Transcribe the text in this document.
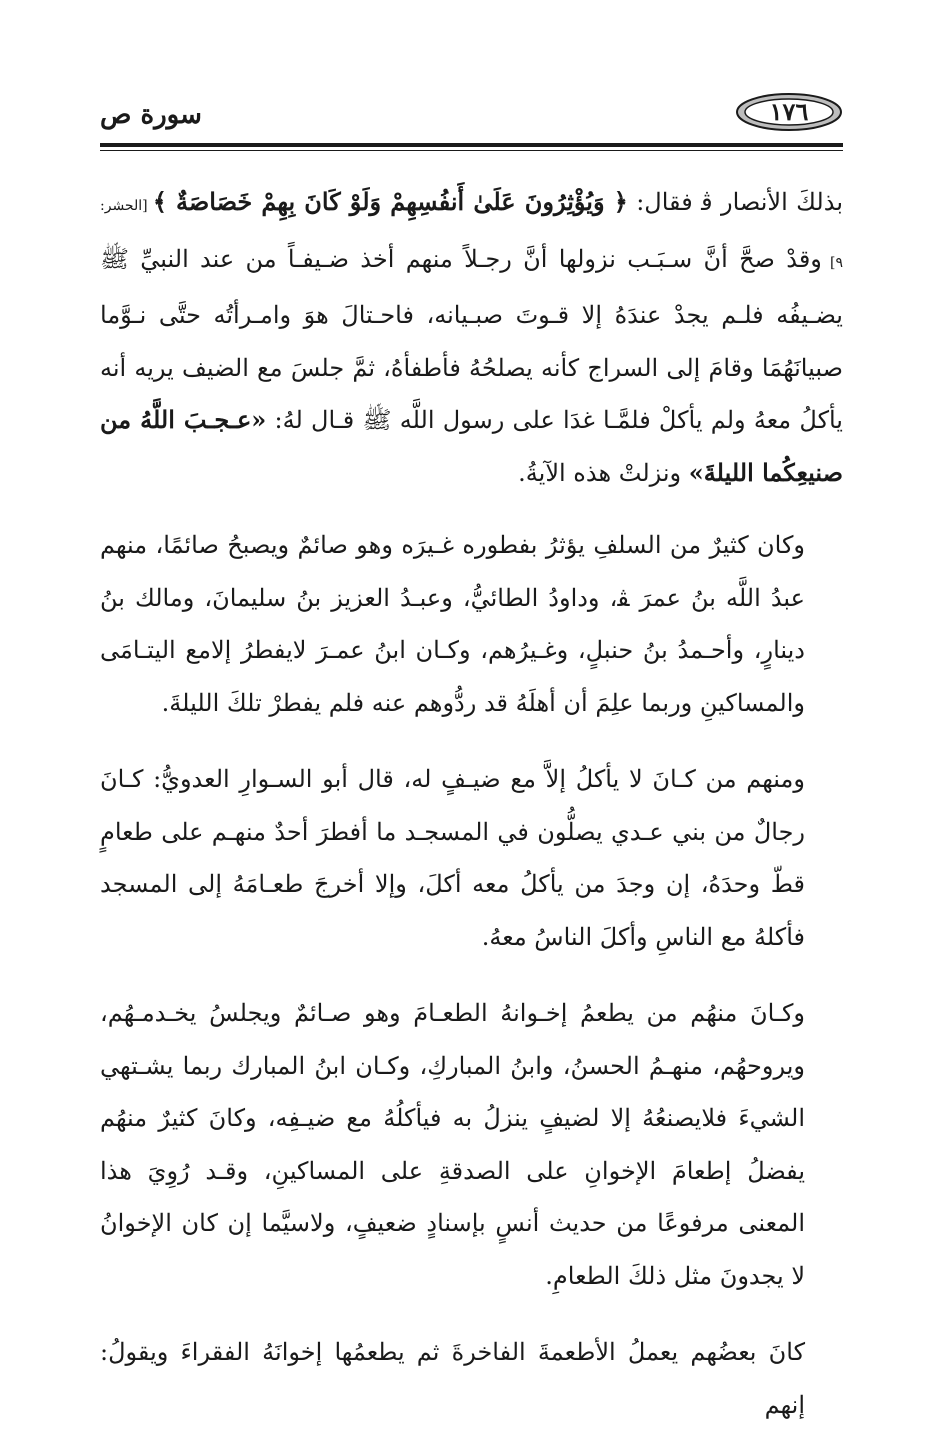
سورة ص	١٧٦

بذلكَ الأنصار ﭬ فقال: ﴿ وَيُؤْثِرُونَ عَلَىٰ أَنفُسِهِمْ وَلَوْ كَانَ بِهِمْ خَصَاصَةٌ ﴾ [الحشر: ٩] وقدْ صحَّ أنَّ سـبَـب نزولها أنَّ رجـلاً منهم أخذ ضـيفـاً من عند النبيِّ ﷺ يضـيفُه فلـم يجدْ عندَهُ إلا قـوتَ صبـيانه، فاحـتالَ هوَ وامـرأتُه حتَّى نـوَّما صبيانَهُمَا وقامَ إلى السراج كأنه يصلحُهُ فأطفأهُ، ثمَّ جلسَ مع الضيف يريه أنه يأكلُ معهُ ولم يأكلْ فلمَّـا غدَا على رسول اللَّه ﷺ قـال لهُ: «عـجـبَ اللَّهُ من صنيعِكُما الليلةَ» ونزلتْ هذه الآيةُ.

وكان كثيرٌ من السلفِ يؤثرُ بفطوره غـيرَه وهو صائمٌ ويصبحُ صائمًا، منهم عبدُ اللَّه بنُ عمرَ ﭭ، وداودُ الطائيُّ، وعبـدُ العزيز بنُ سليمانَ، ومالك بنُ دينارٍ، وأحـمدُ بنُ حنبلٍ، وغـيرُهم، وكـان ابنُ عمـرَ لايفطرُ إلامع اليتـامَى والمساكينِ وربما علِمَ أن أهلَهُ قد ردُّوهم عنه فلم يفطرْ تلكَ الليلةَ.

ومنهم من كـانَ لا يأكلُ إلاَّ مع ضيـفٍ له، قال أبو السـوارِ العدويُّ: كـانَ رجالٌ من بني عـدي يصلُّون في المسجـد ما أفطرَ أحدٌ منهـم على طعامٍ قطّ وحدَهُ، إن وجدَ من يأكلُ معه أكلَ، وإلا أخرجَ طعـامَهُ إلى المسجد فأكلهُ مع الناسِ وأكلَ الناسُ معهُ.

وكـانَ منهُم من يطعمُ إخـوانهُ الطعـامَ وهو صـائمٌ ويجلسُ يخـدمـهُم، ويروحهُم، منهـمُ الحسنُ، وابنُ المباركِ، وكـان ابنُ المبارك ربما يشـتهي الشيءَ فلايصنعُهُ إلا لضيفٍ ينزلُ به فيأكلُهُ مع ضيـفِه، وكانَ كثيرٌ منهُم يفضلُ إطعامَ الإخوانِ على الصدقةِ على المساكينِ، وقـد رُوِيَ هذا المعنى مرفوعًا من حديث أنسٍ بإسنادٍ ضعيفٍ، ولاسيَّما إن كان الإخوانُ لا يجدونَ مثل ذلكَ الطعامِ.

كانَ بعضُهم يعملُ الأطعمةَ الفاخرةَ ثم يطعمُها إخوانَهُ الفقراءَ ويقولُ: إنهم
